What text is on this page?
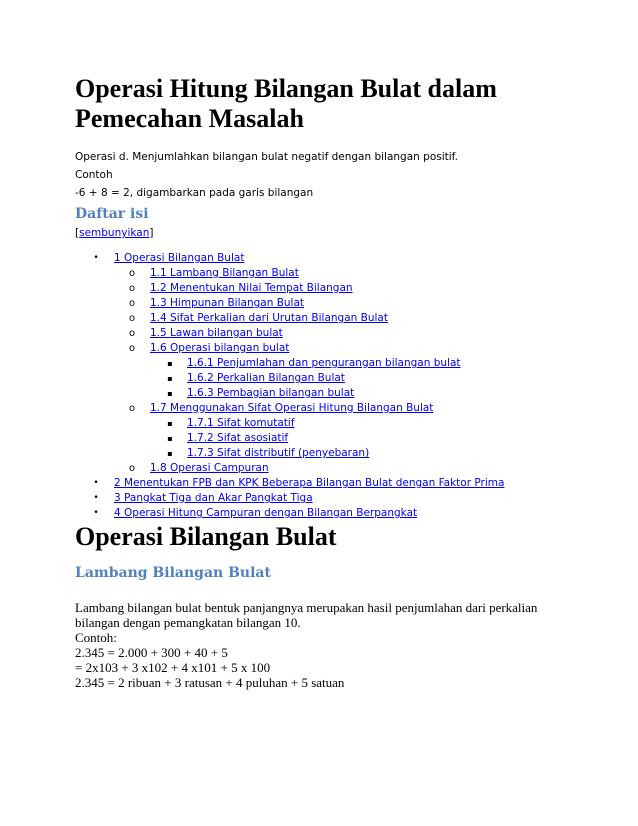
Operasi Hitung Bilangan Bulat dalam
Pemecahan Masalah
Operasi d. Menjumlahkan bilangan bulat negatif dengan bilangan positif.
Contoh
-6 + 8 = 2, digambarkan pada garis bilangan
Daftar isi
[sembunyikan]
• 1 Operasi Bilangan Bulat
o 1.1 Lambang Bilangan Bulat
o 1.2 Menentukan Nilai Tempat Bilangan
o 1.3 Himpunan Bilangan Bulat
o 1.4 Sifat Perkalian dari Urutan Bilangan Bulat
o 1.5 Lawan bilangan bulat
o 1.6 Operasi bilangan bulat
▪ 1.6.1 Penjumlahan dan pengurangan bilangan bulat
▪ 1.6.2 Perkalian Bilangan Bulat
▪ 1.6.3 Pembagian bilangan bulat
o 1.7 Menggunakan Sifat Operasi Hitung Bilangan Bulat
▪ 1.7.1 Sifat komutatif
▪ 1.7.2 Sifat asosiatif
▪ 1.7.3 Sifat distributif (penyebaran)
o 1.8 Operasi Campuran
• 2 Menentukan FPB dan KPK Beberapa Bilangan Bulat dengan Faktor Prima
• 3 Pangkat Tiga dan Akar Pangkat Tiga
• 4 Operasi Hitung Campuran dengan Bilangan Berpangkat
Operasi Bilangan Bulat
Lambang Bilangan Bulat
Lambang bilangan bulat bentuk panjangnya merupakan hasil penjumlahan dari perkalian
bilangan dengan pemangkatan bilangan 10.
Contoh:
2.345 = 2.000 + 300 + 40 + 5
= 2x103 + 3 x102 + 4 x101 + 5 x 100
2.345 = 2 ribuan + 3 ratusan + 4 puluhan + 5 satuan
